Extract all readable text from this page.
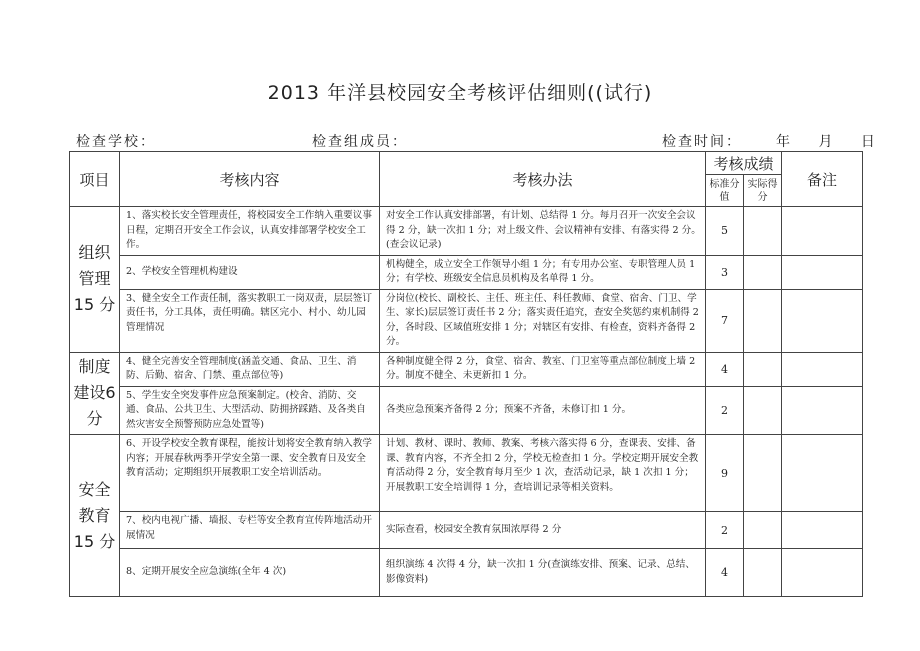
2013 年洋县校园安全考核评估细则((试行)
检查学校：	检查组成员：	检查时间： 年 月 日
项目	考核内容	考核办法	考核成绩		备注
			标准分值	实际得分	

组织管理15 分	1、落实校长安全管理责任，将校园安全工作纳入重要议事日程，定期召开安全工作会议，认真安排部署学校安全工作。	对安全工作认真安排部署，有计划、总结得 1 分。每月召开一次安全会议得 2 分，缺一次扣 1 分；对上级文件、会议精神有安排、有落实得 2 分。(查会议记录)	5		
	2、学校安全管理机构建设	机构健全，成立安全工作领导小组 1 分；有专用办公室、专职管理人员 1 分；有学校、班级安全信息员机构及名单得 1 分。	3		
	3、健全安全工作责任制，落实教职工一岗双责，层层签订责任书，分工具体，责任明确。辖区完小、村小、幼儿园管理情况	分岗位(校长、副校长、主任、班主任、科任教师、食堂、宿舍、门卫、学生、家长)层层签订责任书 2 分；落实责任追究，查安全奖惩约束机制得 2 分，各时段、区域值班安排 1 分；对辖区有安排、有检查，资料齐备得 2 分。	7		

制度建设6 分	4、健全完善安全管理制度(涵盖交通、食品、卫生、消防、后勤、宿舍、门禁、重点部位等)	各种制度健全得 2 分，食堂、宿舍、教室、门卫室等重点部位制度上墙 2 分。制度不健全、未更新扣 1 分。	4		
	5、学生安全突发事件应急预案制定。(校舍、消防、交通、食品、公共卫生、大型活动、防拥挤踩踏、及各类自然灾害安全预警预防应急处置等)	各类应急预案齐备得 2 分；预案不齐备，未修订扣 1 分。	2		

安全教育15 分	6、开设学校安全教育课程，能按计划将安全教育纳入教学内容；开展春秋两季开学安全第一课、安全教育日及安全教育活动；定期组织开展教职工安全培训活动。	计划、教材、课时、教师、教案、考核六落实得 6 分，查课表、安排、备课、教育内容，不齐全扣 2 分，学校无检查扣 1 分。学校定期开展安全教育活动得 2 分，安全教育每月至少 1 次，查活动记录，缺 1 次扣 1 分；开展教职工安全培训得 1 分，查培训记录等相关资料。	9		
	7、校内电视广播、墙报、专栏等安全教育宣传阵地活动开展情况	实际查看，校园安全教育氛围浓厚得 2 分	2		
	8、定期开展安全应急演练(全年 4 次)	组织演练 4 次得 4 分，缺一次扣 1 分(查演练安排、预案、记录、总结、影像资料)	4		
